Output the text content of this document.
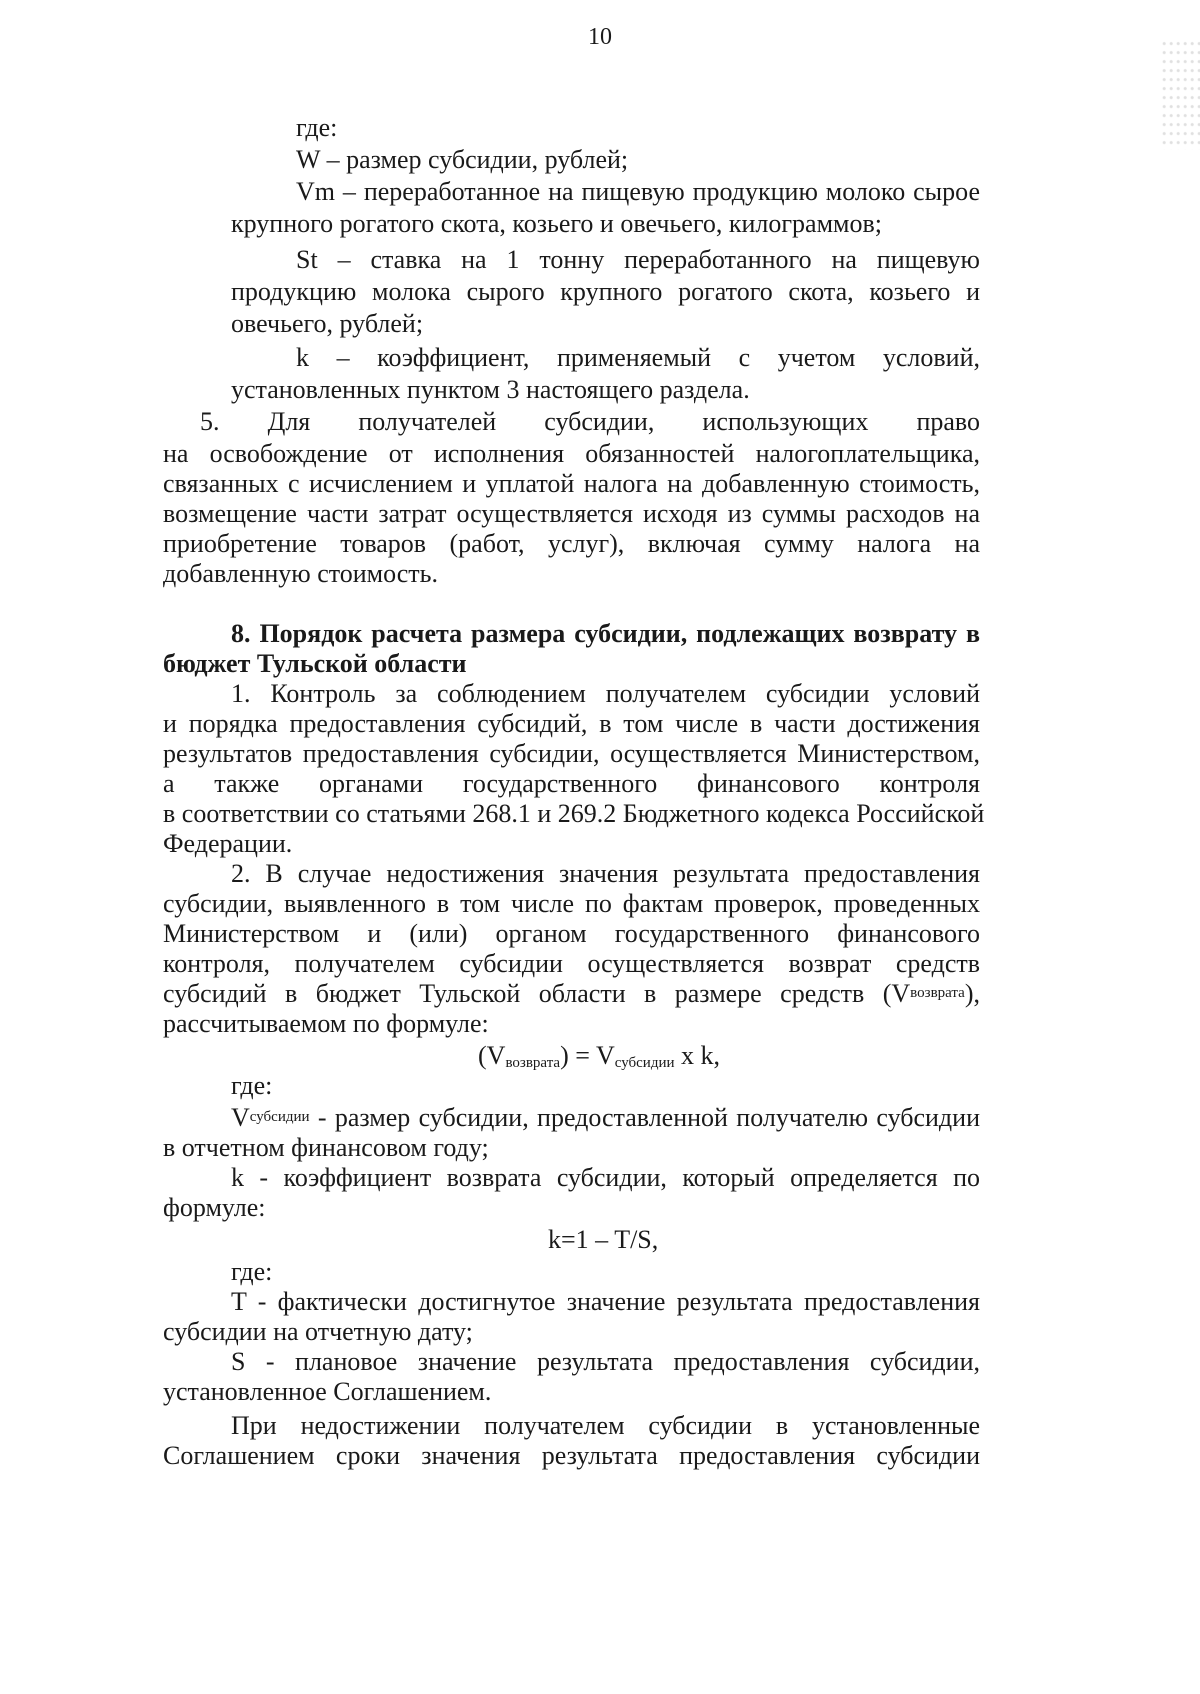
10
где:
W – размер субсидии, рублей;
Vm – переработанное на пищевую продукцию молоко сырое
крупного рогатого скота, козьего и овечьего, килограммов;
St – ставка на 1 тонну переработанного на пищевую
продукцию молока сырого крупного рогатого скота, козьего и
овечьего, рублей;
k – коэффициент, применяемый с учетом условий,
установленных пунктом 3 настоящего раздела.
5. Для получателей субсидии, использующих право
на освобождение от исполнения обязанностей налогоплательщика,
связанных с исчислением и уплатой налога на добавленную стоимость,
возмещение части затрат осуществляется исходя из суммы расходов на
приобретение товаров (работ, услуг), включая сумму налога на
добавленную стоимость.
8. Порядок расчета размера субсидии, подлежащих возврату в
бюджет Тульской области
1. Контроль за соблюдением получателем субсидии условий
и порядка предоставления субсидий, в том числе в части достижения
результатов предоставления субсидии, осуществляется Министерством,
а также органами государственного финансового контроля
в соответствии со статьями 268.1 и 269.2 Бюджетного кодекса Российской
Федерации.
2. В случае недостижения значения результата предоставления
субсидии, выявленного в том числе по фактам проверок, проведенных
Министерством и (или) органом государственного финансового
контроля, получателем субсидии осуществляется возврат средств
субсидий в бюджет Тульской области в размере средств (V возврата ),
рассчитываемом по формуле:
$(V_{возврата}) = V_{субсидии}$ x k,
где:
V субсидии - размер субсидии, предоставленной получателю субсидии
в отчетном финансовом году;
k - коэффициент возврата субсидии, который определяется по
формуле:
k=1 – T/S,
где:
T - фактически достигнутое значение результата предоставления
субсидии на отчетную дату;
S - плановое значение результата предоставления субсидии,
установленное Соглашением.
При недостижении получателем субсидии в установленные
Соглашением сроки значения результата предоставления субсидии
